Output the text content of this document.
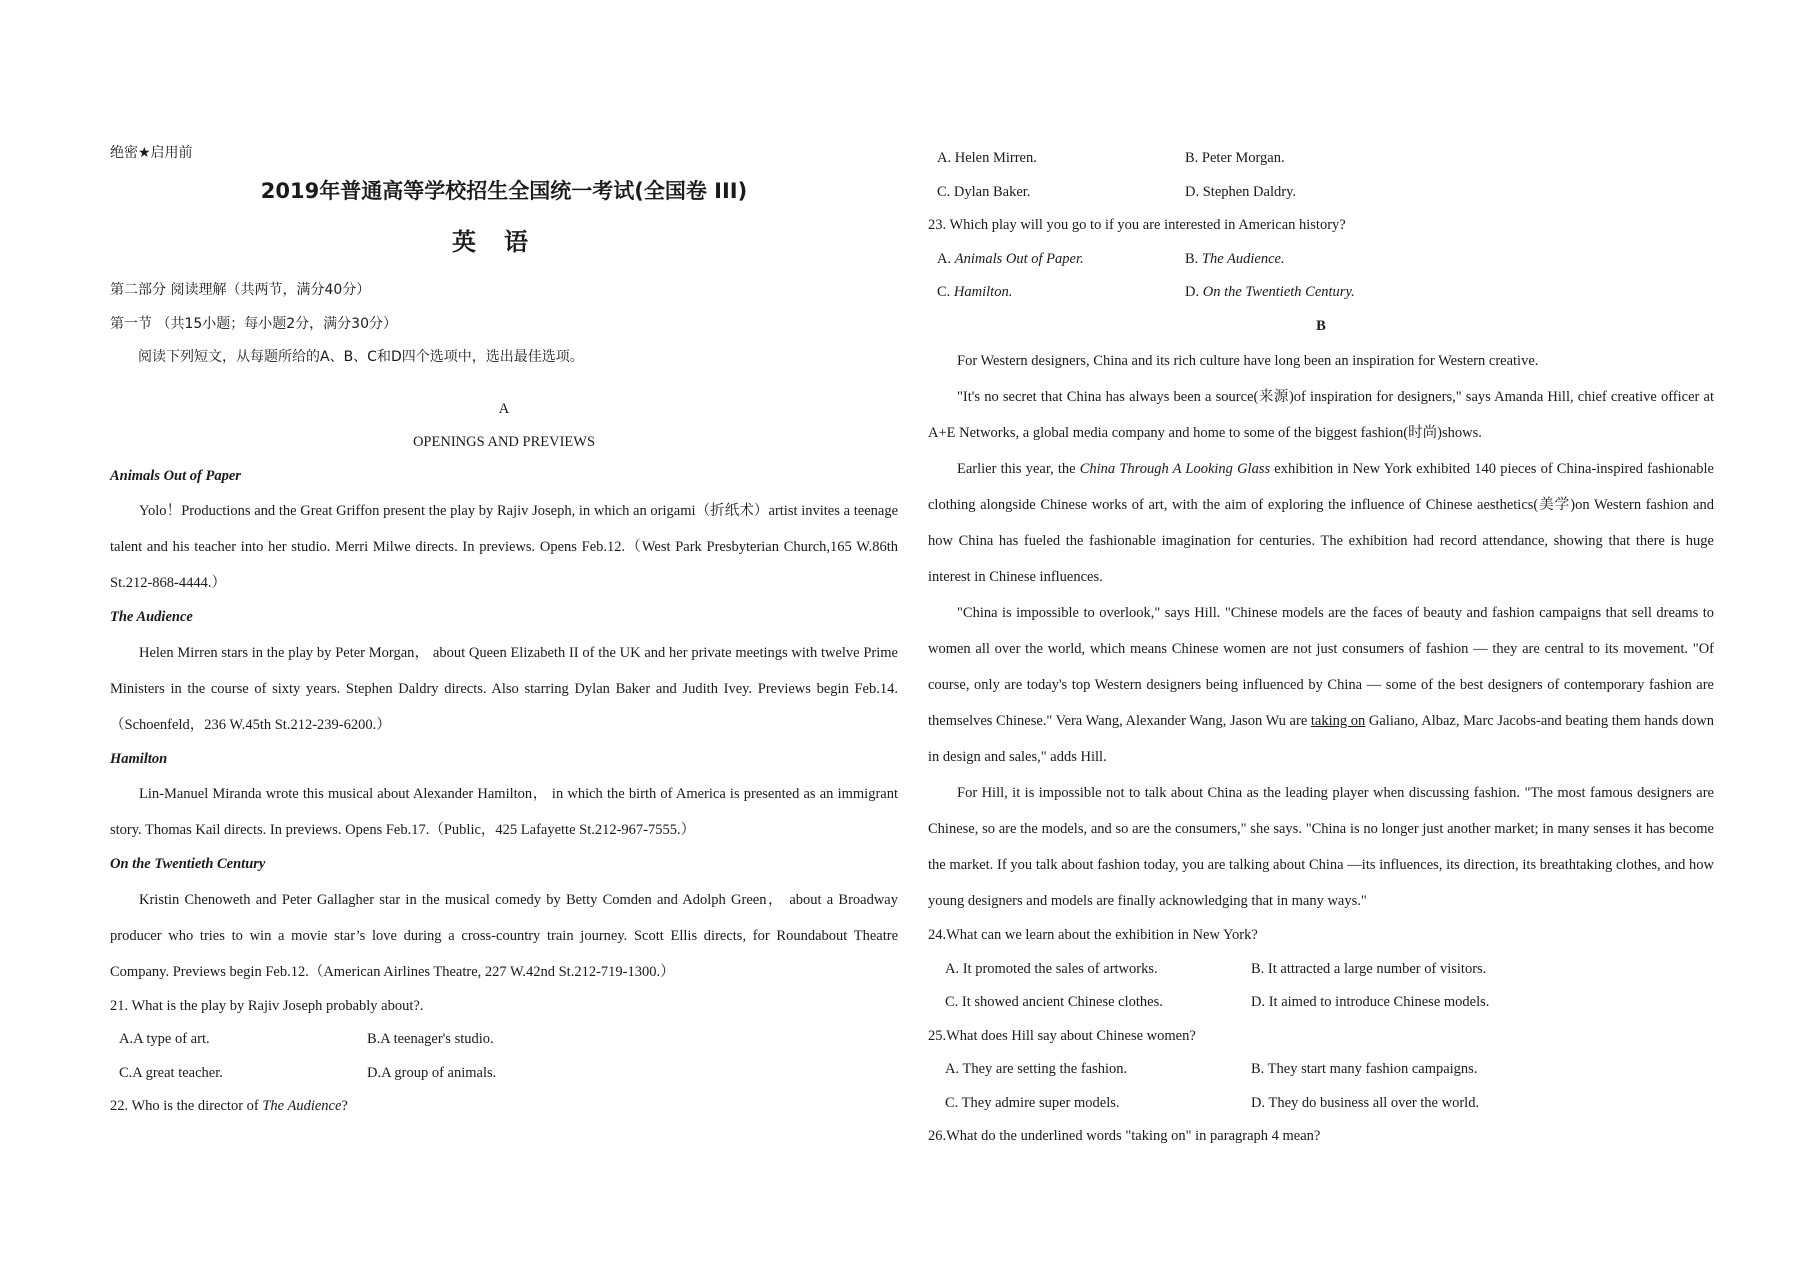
绝密★启用前

2019年普通高等学校招生全国统一考试(全国卷 III)
英语

第二部分 阅读理解（共两节，满分40分）

第一节 （共15小题；每小题2分，满分30分）

阅读下列短文，从每题所给的A、B、C和D四个选项中，选出最佳选项。

A

OPENINGS AND PREVIEWS

Animals Out of Paper

Yolo！Productions and the Great Griffon present the play by Rajiv Joseph, in which an origami（折纸术）artist invites a teenage talent and his teacher into her studio. Merri Milwe directs. In previews. Opens Feb.12.（West Park Presbyterian Church,165 W.86th St.212-868-4444.）

The Audience

Helen Mirren stars in the play by Peter Morgan， about Queen Elizabeth II of the UK and her private meetings with twelve Prime Ministers in the course of sixty years. Stephen Daldry directs. Also starring Dylan Baker and Judith Ivey. Previews begin Feb.14.（Schoenfeld，236 W.45th St.212-239-6200.）

Hamilton

Lin-Manuel Miranda wrote this musical about Alexander Hamilton， in which the birth of America is presented as an immigrant story. Thomas Kail directs. In previews. Opens Feb.17.（Public，425 Lafayette St.212-967-7555.）

On the Twentieth Century

Kristin Chenoweth and Peter Gallagher star in the musical comedy by Betty Comden and Adolph Green， about a Broadway producer who tries to win a movie star’s love during a cross-country train journey. Scott Ellis directs, for Roundabout Theatre Company. Previews begin Feb.12.（American Airlines Theatre, 227 W.42nd St.212-719-1300.）

21. What is the play by Rajiv Joseph probably about?.

A.A type of art.	B.A teenager's studio.
C.A great teacher.	D.A group of animals.

22. Who is the director of The Audience?

A. Helen Mirren.	B. Peter Morgan.
C. Dylan Baker.	D. Stephen Daldry.

23. Which play will you go to if you are interested in American history?

A. Animals Out of Paper.	B. The Audience.
C. Hamilton.	D. On the Twentieth Century.

B

For Western designers, China and its rich culture have long been an inspiration for Western creative.

"It's no secret that China has always been a source(来源)of inspiration for designers," says Amanda Hill, chief creative officer at A+E Networks, a global media company and home to some of the biggest fashion(时尚)shows.

Earlier this year, the China Through A Looking Glass exhibition in New York exhibited 140 pieces of China-inspired fashionable clothing alongside Chinese works of art, with the aim of exploring the influence of Chinese aesthetics(美学)on Western fashion and how China has fueled the fashionable imagination for centuries. The exhibition had record attendance, showing that there is huge interest in Chinese influences.

"China is impossible to overlook," says Hill. "Chinese models are the faces of beauty and fashion campaigns that sell dreams to women all over the world, which means Chinese women are not just consumers of fashion — they are central to its movement. "Of course, only are today's top Western designers being influenced by China — some of the best designers of contemporary fashion are themselves Chinese." Vera Wang, Alexander Wang, Jason Wu are taking on Galiano, Albaz, Marc Jacobs-and beating them hands down in design and sales," adds Hill.

For Hill, it is impossible not to talk about China as the leading player when discussing fashion. "The most famous designers are Chinese, so are the models, and so are the consumers," she says. "China is no longer just another market; in many senses it has become the market. If you talk about fashion today, you are talking about China —its influences, its direction, its breathtaking clothes, and how young designers and models are finally acknowledging that in many ways."

24.What can we learn about the exhibition in New York?

A. It promoted the sales of artworks.	B. It attracted a large number of visitors.
C. It showed ancient Chinese clothes.	D. It aimed to introduce Chinese models.

25.What does Hill say about Chinese women?

A. They are setting the fashion.	B. They start many fashion campaigns.
C. They admire super models.	D. They do business all over the world.

26.What do the underlined words "taking on" in paragraph 4 mean?
